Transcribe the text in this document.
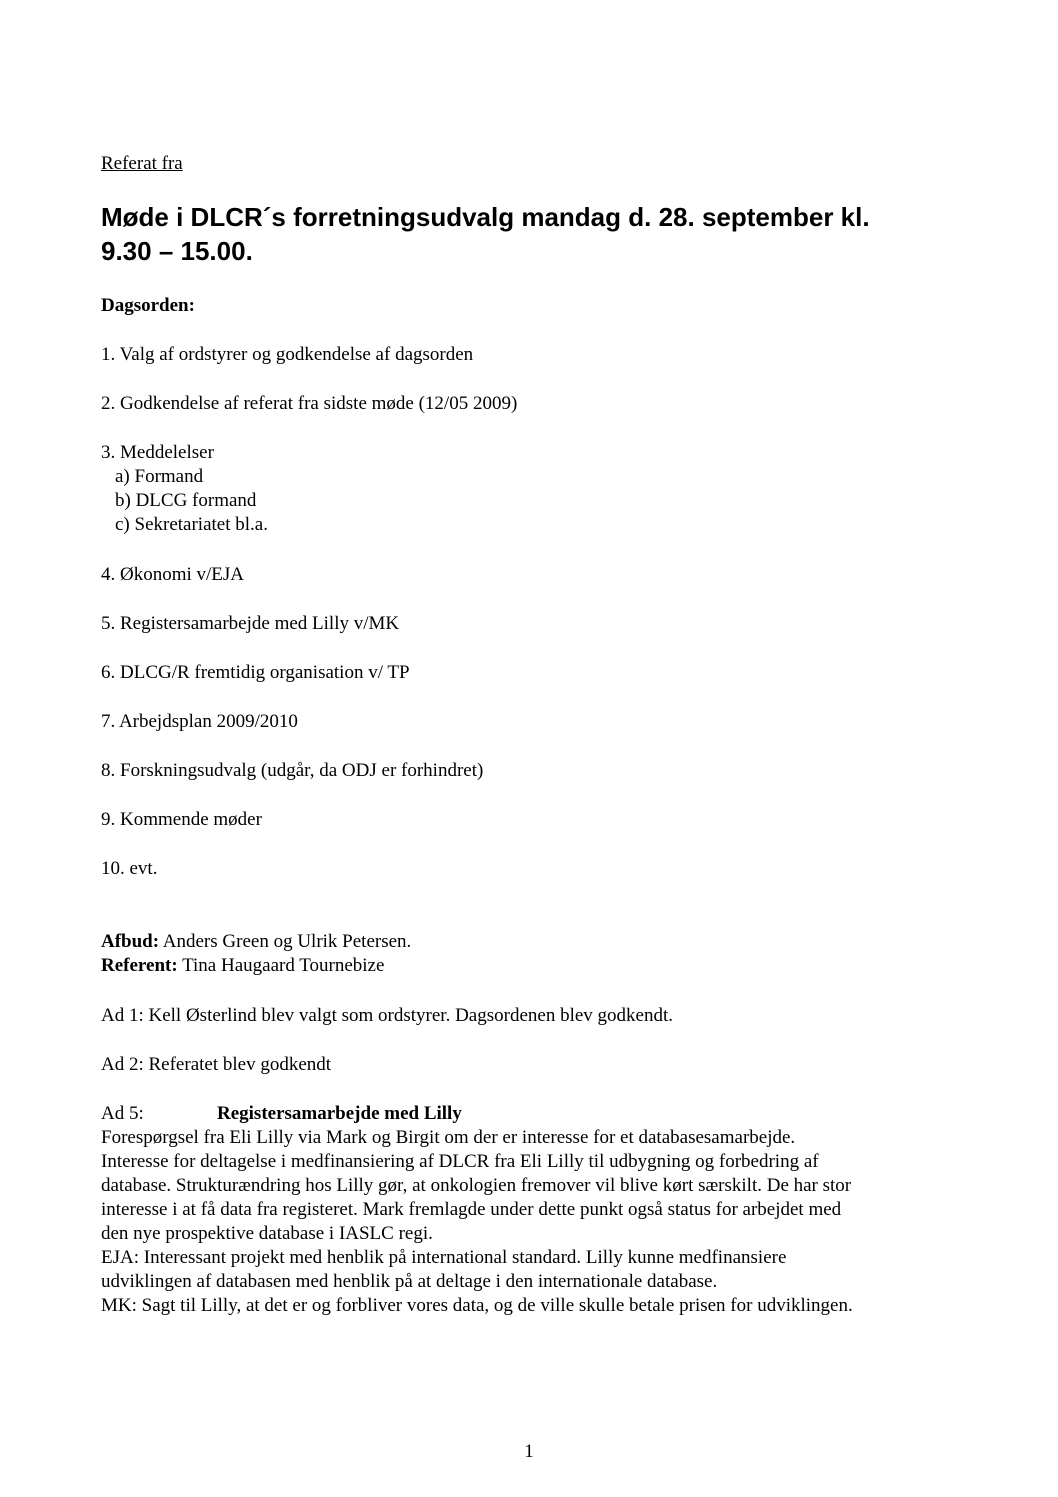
Referat fra
Møde i DLCR´s forretningsudvalg mandag d. 28. september kl.
9.30 – 15.00.
Dagsorden:
1. Valg af ordstyrer og godkendelse af dagsorden
2. Godkendelse af referat fra sidste møde (12/05 2009)
3. Meddelelser
a) Formand
b) DLCG formand
c) Sekretariatet bl.a.
4. Økonomi v/EJA
5. Registersamarbejde med Lilly v/MK
6. DLCG/R fremtidig organisation v/ TP
7. Arbejdsplan 2009/2010
8. Forskningsudvalg (udgår, da ODJ er forhindret)
9. Kommende møder
10. evt.
Afbud: Anders Green og Ulrik Petersen.
Referent: Tina Haugaard Tournebize
Ad 1: Kell Østerlind blev valgt som ordstyrer. Dagsordenen blev godkendt.
Ad 2: Referatet blev godkendt
Ad 5:	Registersamarbejde med Lilly
Forespørgsel fra Eli Lilly via Mark og Birgit om der er interesse for et databasesamarbejde.
Interesse for deltagelse i medfinansiering af DLCR fra Eli Lilly til udbygning og forbedring af
database. Strukturændring hos Lilly gør, at onkologien fremover vil blive kørt særskilt. De har stor
interesse i at få data fra registeret. Mark fremlagde under dette punkt også status for arbejdet med
den nye prospektive database i IASLC regi.
EJA: Interessant projekt med henblik på international standard. Lilly kunne medfinansiere
udviklingen af databasen med henblik på at deltage i den internationale database.
MK: Sagt til Lilly, at det er og forbliver vores data, og de ville skulle betale prisen for udviklingen.
1
